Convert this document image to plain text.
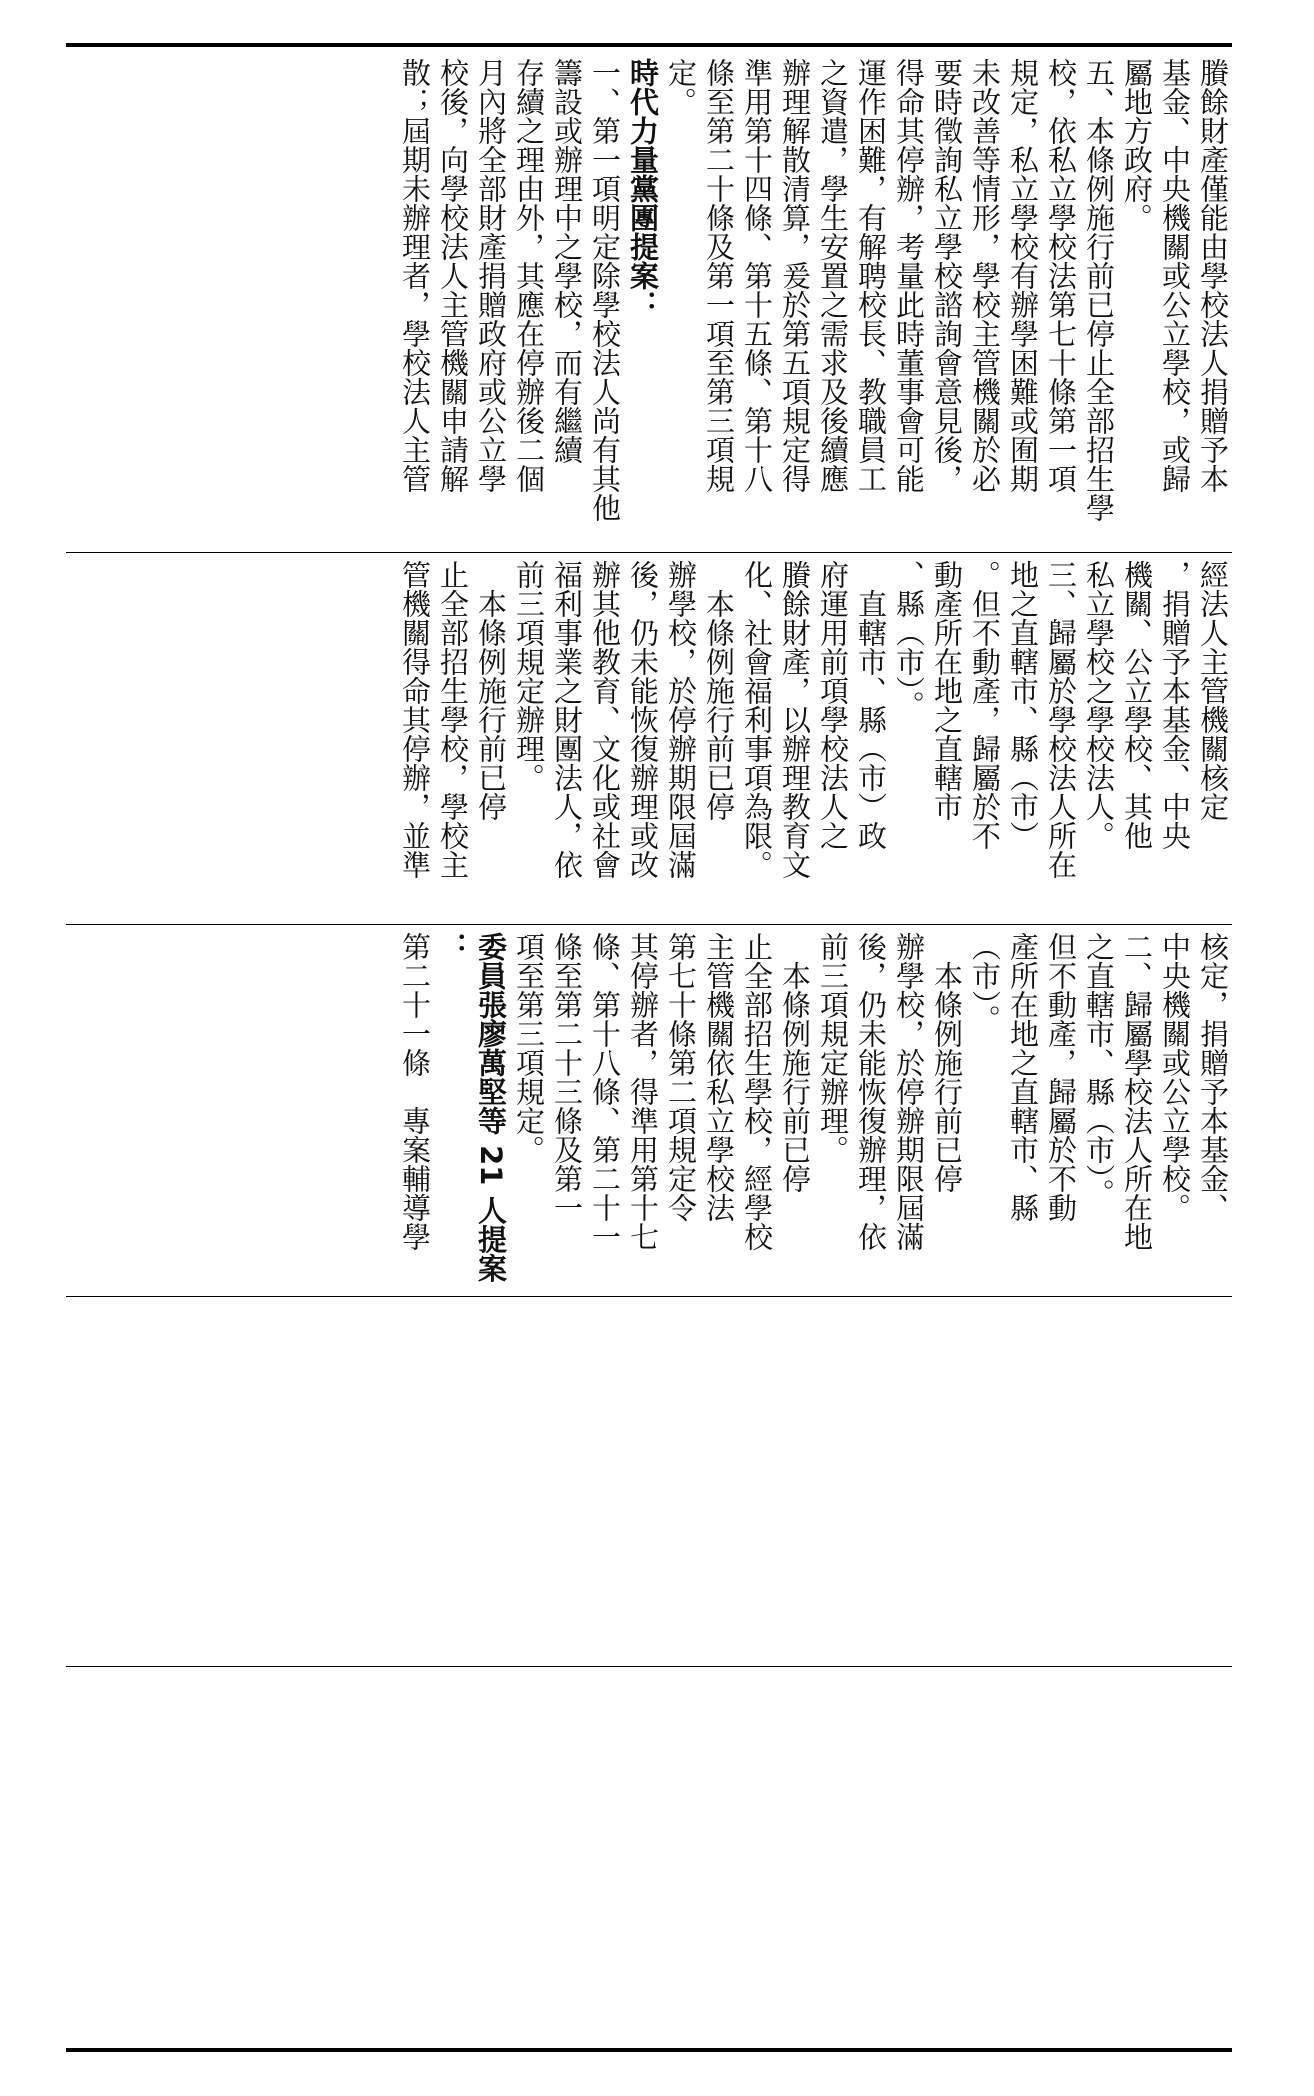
賸餘財產僅能由學校法人捐贈予本

基金、中央機關或公立學校，或歸

屬地方政府。

五、本條例施行前已停止全部招生學

校，依私立學校法第七十條第一項

規定，私立學校有辦學困難或囿期

未改善等情形，學校主管機關於必

要時徵詢私立學校諮詢會意見後，

得命其停辦，考量此時董事會可能

運作困難，有解聘校長、教職員工

之資遣，學生安置之需求及後續應

辦理解散清算，爰於第五項規定得

準用第十四條、第十五條、第十八

條至第二十條及第一項至第三項規

定。

時代力量黨團提案：

一、第一項明定除學校法人尚有其他

籌設或辦理中之學校，而有繼續

存續之理由外，其應在停辦後二個

月內將全部財產捐贈政府或公立學

校後，向學校法人主管機關申請解

散；屆期未辦理者，學校法人主管

經法人主管機關核定

，捐贈予本基金、中央

機關、公立學校、其他

私立學校之學校法人。

三、歸屬於學校法人所在

地之直轄市、縣（市）

。但不動產，歸屬於不

動產所在地之直轄市

、縣（市）。

　直轄市、縣（市）政

府運用前項學校法人之

賸餘財產，以辦理教育文

化、社會福利事項為限。

　本條例施行前已停

辦學校，於停辦期限屆滿

後，仍未能恢復辦理或改

辦其他教育、文化或社會

福利事業之財團法人，依

前三項規定辦理。

　本條例施行前已停

止全部招生學校，學校主

管機關得命其停辦，並準

核定，捐贈予本基金、

中央機關或公立學校。

二、歸屬學校法人所在地

之直轄市、縣（市）。

但不動產，歸屬於不動

產所在地之直轄市、縣

（市）。

　本條例施行前已停

辦學校，於停辦期限屆滿

後，仍未能恢復辦理，依

前三項規定辦理。

　本條例施行前已停

止全部招生學校，經學校

主管機關依私立學校法

第七十條第二項規定令

其停辦者，得準用第十七

條、第十八條、第二十一

條至第二十三條及第一

項至第三項規定。

委員張廖萬堅等 21 人提案

：

第二十一條　專案輔導學
